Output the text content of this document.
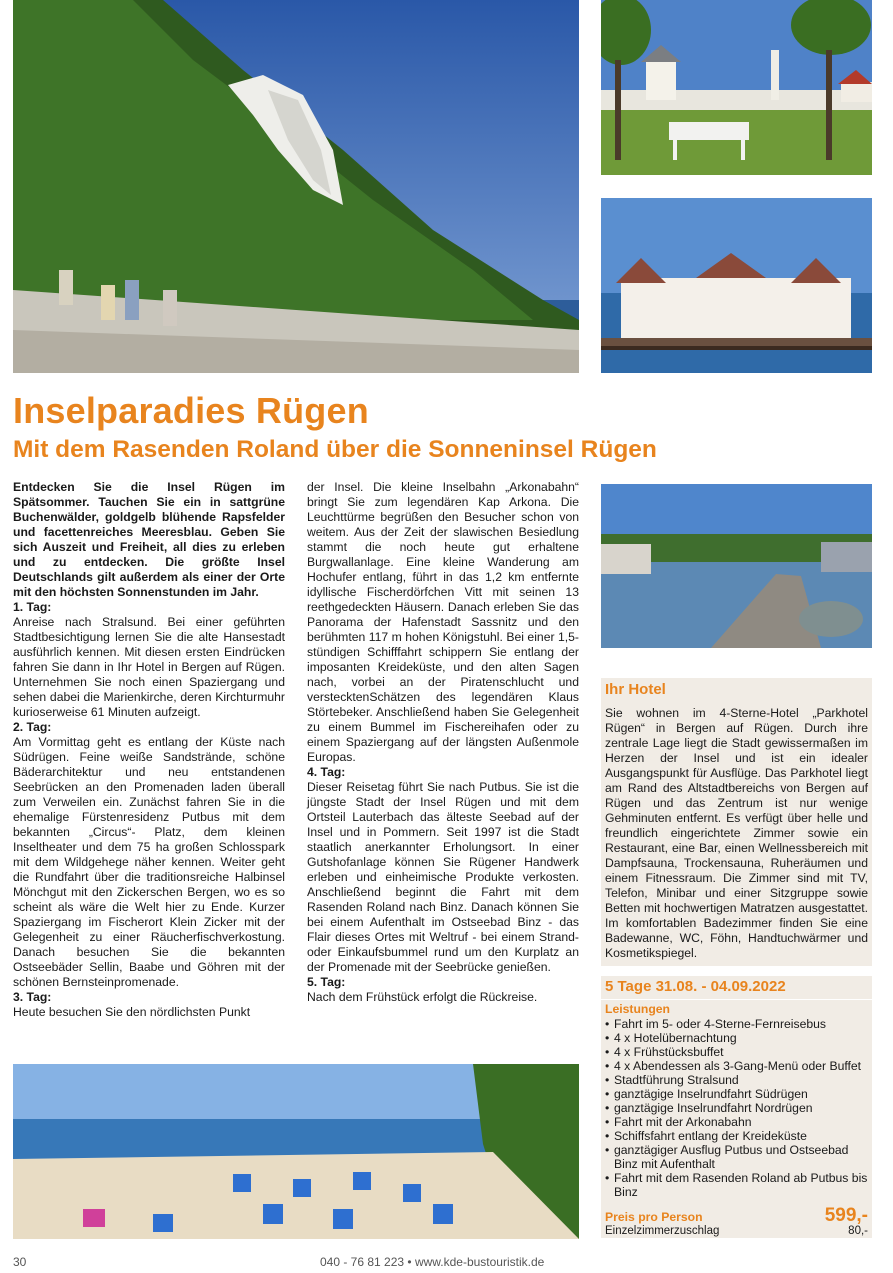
Inselparadies Rügen
Mit dem Rasenden Roland über die Sonneninsel Rügen

Entdecken Sie die Insel Rügen im Spätsommer. Tauchen Sie ein in sattgrüne Buchenwälder, goldgelb blühende Rapsfelder und facettenreiches Meeresblau. Geben Sie sich Auszeit und Freiheit, all dies zu erleben und zu entdecken. Die größte Insel Deutschlands gilt außerdem als einer der Orte mit den höchsten Sonnenstunden im Jahr.

1. Tag:

Anreise nach Stralsund. Bei einer geführten Stadtbesichtigung lernen Sie die alte Hansestadt ausführlich kennen. Mit diesen ersten Eindrücken fahren Sie dann in Ihr Hotel in Bergen auf Rügen. Unternehmen Sie noch einen Spaziergang und sehen dabei die Marienkirche, deren Kirchturmuhr kurioserweise 61 Minuten aufzeigt.

2. Tag:

Am Vormittag geht es entlang der Küste nach Südrügen. Feine weiße Sandstrände, schöne Bäderarchitektur und neu entstandenen Seebrücken an den Promenaden laden überall zum Verweilen ein. Zunächst fahren Sie in die ehemalige Fürstenresidenz Putbus mit dem bekannten „Circus“- Platz, dem kleinen Inseltheater und dem 75 ha großen Schlosspark mit dem Wildgehege näher kennen. Weiter geht die Rundfahrt über die traditionsreiche Halbinsel Mönchgut mit den Zickerschen Bergen, wo es so scheint als wäre die Welt hier zu Ende. Kurzer Spaziergang im Fischerort Klein Zicker mit der Gelegenheit zu einer Räucherfischverkostung. Danach besuchen Sie die bekannten Ostseebäder Sellin, Baabe und Göhren mit der schönen Bernsteinpromenade.

3. Tag:

Heute besuchen Sie den nördlichsten Punkt

der Insel. Die kleine Inselbahn „Arkonabahn“ bringt Sie zum legendären Kap Arkona. Die Leuchttürme begrüßen den Besucher schon von weitem. Aus der Zeit der slawischen Besiedlung stammt die noch heute gut erhaltene Burgwallanlage. Eine kleine Wanderung am Hochufer entlang, führt in das 1,2 km entfernte idyllische Fischerdörfchen Vitt mit seinen 13 reethgedeckten Häusern. Danach erleben Sie das Panorama der Hafenstadt Sassnitz und den berühmten 117 m hohen Königstuhl. Bei einer 1,5-stündigen Schifffahrt schippern Sie entlang der imposanten Kreideküste, und den alten Sagen nach, vorbei an der Piratenschlucht und verstecktenSchätzen des legendären Klaus Störtebeker. Anschließend haben Sie Gelegenheit zu einem Bummel im Fischereihafen oder zu einem Spaziergang auf der längsten Außenmole Europas.

4. Tag:

Dieser Reisetag führt Sie nach Putbus. Sie ist die jüngste Stadt der Insel Rügen und mit dem Ortsteil Lauterbach das älteste Seebad auf der Insel und in Pommern. Seit 1997 ist die Stadt staatlich anerkannter Erholungsort. In einer Gutshofanlage können Sie Rügener Handwerk erleben und einheimische Produkte verkosten. Anschließend beginnt die Fahrt mit dem Rasenden Roland nach Binz. Danach können Sie bei einem Aufenthalt im Ostseebad Binz - das Flair dieses Ortes mit Weltruf - bei einem Strand- oder Einkaufsbummel rund um den Kurplatz an der Promenade mit der Seebrücke genießen.

5. Tag:

Nach dem Frühstück erfolgt die Rückreise.

Ihr Hotel
Sie wohnen im 4-Sterne-Hotel „Parkhotel Rügen“ in Bergen auf Rügen. Durch ihre zentrale Lage liegt die Stadt gewissermaßen im Herzen der Insel und ist ein idealer Ausgangspunkt für Ausflüge. Das Parkhotel liegt am Rand des Altstadtbereichs von Bergen auf Rügen und das Zentrum ist nur wenige Gehminuten entfernt. Es verfügt über helle und freundlich eingerichtete Zimmer sowie ein Restaurant, eine Bar, einen Wellnessbereich mit Dampfsauna, Trockensauna, Ruheräumen und einem Fitnessraum. Die Zimmer sind mit TV, Telefon, Minibar und einer Sitzgruppe sowie Betten mit hochwertigen Matratzen ausgestattet. Im komfortablen Badezimmer finden Sie eine Badewanne, WC, Föhn, Handtuchwärmer und Kosmetikspiegel.
5 Tage 31.08. - 04.09.2022
Leistungen
• Fahrt im 5- oder 4-Sterne-Fernreisebus
• 4 x Hotelübernachtung
• 4 x Frühstücksbuffet
• 4 x Abendessen als 3-Gang-Menü oder Buffet
• Stadtführung Stralsund
• ganztägige Inselrundfahrt Südrügen
• ganztägige Inselrundfahrt Nordrügen
• Fahrt mit der Arkonabahn
• Schiffsfahrt entlang der Kreideküste
• ganztägiger Ausflug Putbus und Ostseebad Binz mit Aufenthalt
• Fahrt mit dem Rasenden Roland ab Putbus bis Binz
Preis pro Person	599,-
Einzelzimmerzuschlag	80,-
30	040 - 76 81 223 • www.kde-bustouristik.de
